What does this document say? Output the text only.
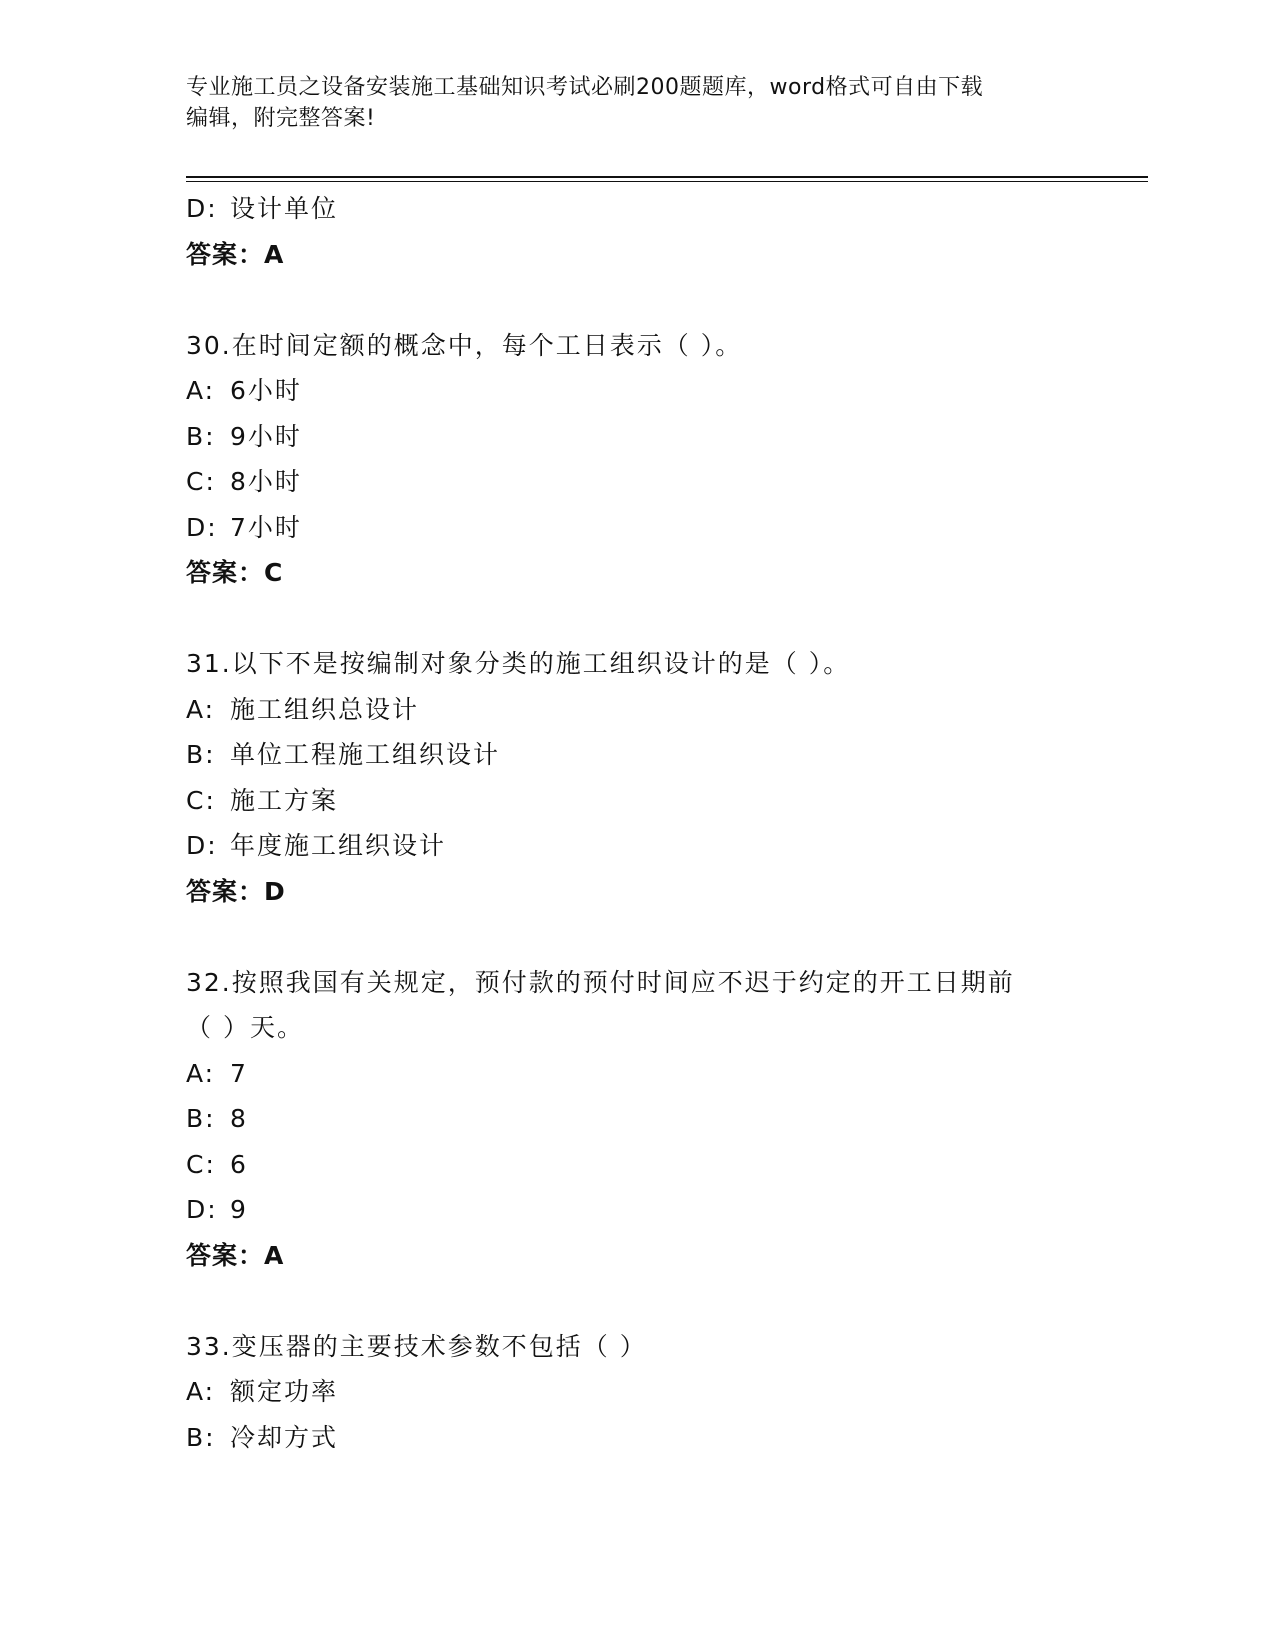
专业施工员之设备安装施工基础知识考试必刷200题题库，word格式可自由下载
编辑，附完整答案!
D: 设计单位
答案：A
30.在时间定额的概念中，每个工日表示（ ）。
A: 6小时
B: 9小时
C: 8小时
D: 7小时
答案：C
31.以下不是按编制对象分类的施工组织设计的是（ ）。
A: 施工组织总设计
B: 单位工程施工组织设计
C: 施工方案
D: 年度施工组织设计
答案：D
32.按照我国有关规定，预付款的预付时间应不迟于约定的开工日期前
（ ）天。
A: 7
B: 8
C: 6
D: 9
答案：A
33.变压器的主要技术参数不包括（ ）
A: 额定功率
B: 冷却方式
